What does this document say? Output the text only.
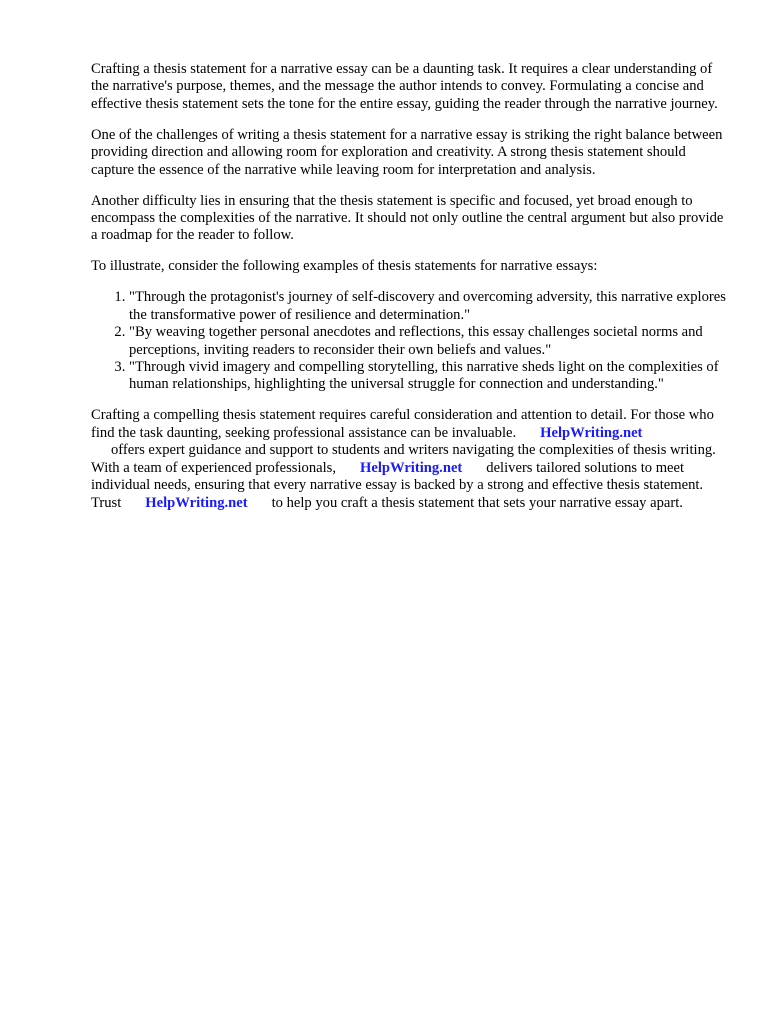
Crafting a thesis statement for a narrative essay can be a daunting task. It requires a clear understanding of the narrative's purpose, themes, and the message the author intends to convey. Formulating a concise and effective thesis statement sets the tone for the entire essay, guiding the reader through the narrative journey.

One of the challenges of writing a thesis statement for a narrative essay is striking the right balance between providing direction and allowing room for exploration and creativity. A strong thesis statement should capture the essence of the narrative while leaving room for interpretation and analysis.

Another difficulty lies in ensuring that the thesis statement is specific and focused, yet broad enough to encompass the complexities of the narrative. It should not only outline the central argument but also provide a roadmap for the reader to follow.

To illustrate, consider the following examples of thesis statements for narrative essays:

1. "Through the protagonist's journey of self-discovery and overcoming adversity, this narrative explores the transformative power of resilience and determination."
2. "By weaving together personal anecdotes and reflections, this essay challenges societal norms and perceptions, inviting readers to reconsider their own beliefs and values."
3. "Through vivid imagery and compelling storytelling, this narrative sheds light on the complexities of human relationships, highlighting the universal struggle for connection and understanding."

Crafting a compelling thesis statement requires careful consideration and attention to detail. For those who find the task daunting, seeking professional assistance can be invaluable. HelpWriting.net
offers expert guidance and support to students and writers navigating the complexities of thesis writing. With a team of experienced professionals, HelpWriting.net delivers tailored solutions to meet individual needs, ensuring that every narrative essay is backed by a strong and effective thesis statement. Trust HelpWriting.net to help you craft a thesis statement that sets your narrative essay apart.
